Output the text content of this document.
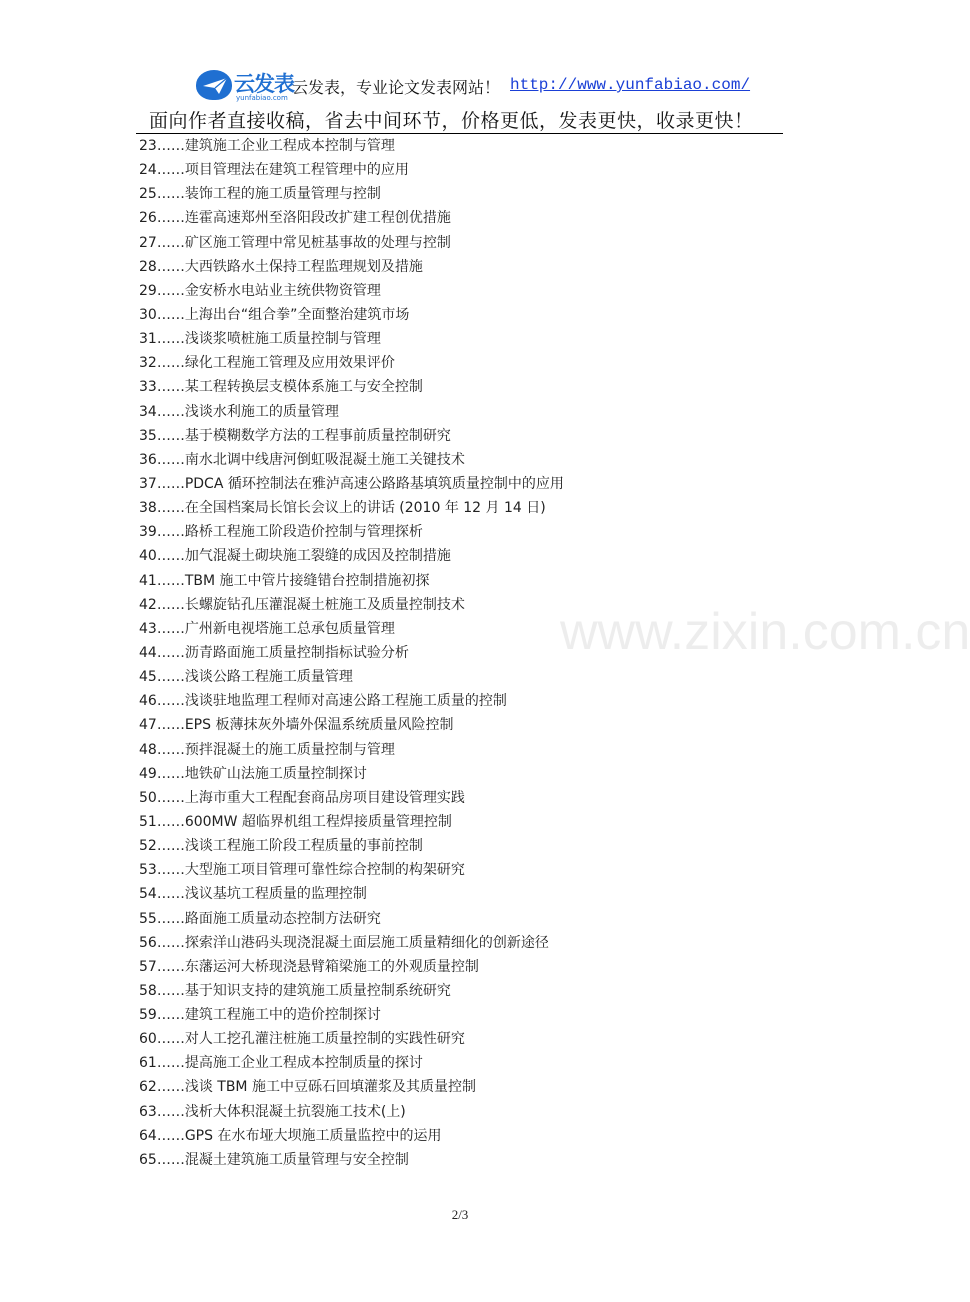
云发表
yunfabiao.com
云发表，专业论文发表网站！ http://www.yunfabiao.com/
面向作者直接收稿，省去中间环节，价格更低，发表更快，收录更快！
23……建筑施工企业工程成本控制与管理
24……项目管理法在建筑工程管理中的应用
25……装饰工程的施工质量管理与控制
26……连霍高速郑州至洛阳段改扩建工程创优措施
27……矿区施工管理中常见桩基事故的处理与控制
28……大西铁路水土保持工程监理规划及措施
29……金安桥水电站业主统供物资管理
30……上海出台“组合拳”全面整治建筑市场
31……浅谈浆喷桩施工质量控制与管理
32……绿化工程施工管理及应用效果评价
33……某工程转换层支模体系施工与安全控制
34……浅谈水利施工的质量管理
35……基于模糊数学方法的工程事前质量控制研究
36……南水北调中线唐河倒虹吸混凝土施工关键技术
37……PDCA 循环控制法在雅泸高速公路路基填筑质量控制中的应用
38……在全国档案局长馆长会议上的讲话 (2010 年 12 月 14 日)
39……路桥工程施工阶段造价控制与管理探析
40……加气混凝土砌块施工裂缝的成因及控制措施
41……TBM 施工中管片接缝错台控制措施初探
42……长螺旋钻孔压灌混凝土桩施工及质量控制技术
43……广州新电视塔施工总承包质量管理
44……沥青路面施工质量控制指标试验分析
45……浅谈公路工程施工质量管理
46……浅谈驻地监理工程师对高速公路工程施工质量的控制
47……EPS 板薄抹灰外墙外保温系统质量风险控制
48……预拌混凝土的施工质量控制与管理
49……地铁矿山法施工质量控制探讨
50……上海市重大工程配套商品房项目建设管理实践
51……600MW 超临界机组工程焊接质量管理控制
52……浅谈工程施工阶段工程质量的事前控制
53……大型施工项目管理可靠性综合控制的构架研究
54……浅议基坑工程质量的监理控制
55……路面施工质量动态控制方法研究
56……探索洋山港码头现浇混凝土面层施工质量精细化的创新途径
57……东藩运河大桥现浇悬臂箱梁施工的外观质量控制
58……基于知识支持的建筑施工质量控制系统研究
59……建筑工程施工中的造价控制探讨
60……对人工挖孔灌注桩施工质量控制的实践性研究
61……提高施工企业工程成本控制质量的探讨
62……浅谈 TBM 施工中豆砾石回填灌浆及其质量控制
63……浅析大体积混凝土抗裂施工技术(上)
64……GPS 在水布垭大坝施工质量监控中的运用
65……混凝土建筑施工质量管理与安全控制
www.zixin.com.cn
2/3
